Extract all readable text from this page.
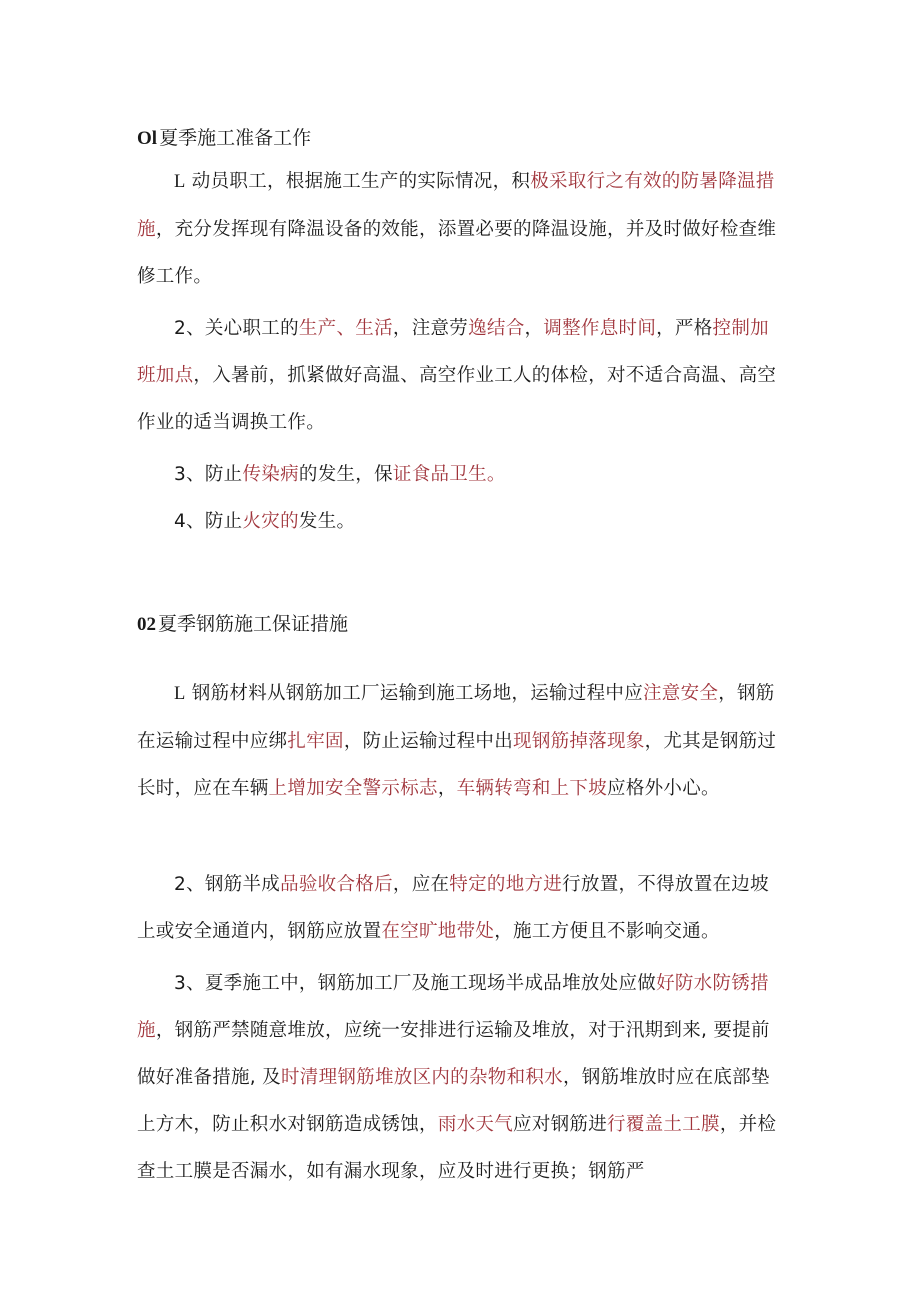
Ol 夏季施工准备工作

L 动员职工，根据施工生产的实际情况，积极采取行之有效的防暑降温措施，充分发挥现有降温设备的效能，添置必要的降温设施，并及时做好检查维修工作。

2、关心职工的生产、生活，注意劳逸结合，调整作息时间，严格控制加班加点，入暑前，抓紧做好高温、高空作业工人的体检，对不适合高温、高空作业的适当调换工作。

3、防止传染病的发生，保证食品卫生。

4、防止火灾的发生。

02 夏季钢筋施工保证措施

L 钢筋材料从钢筋加工厂运输到施工场地，运输过程中应注意安全，钢筋在运输过程中应绑扎牢固，防止运输过程中出现钢筋掉落现象，尤其是钢筋过长时，应在车辆上增加安全警示标志，车辆转弯和上下坡应格外小心。

2、钢筋半成品验收合格后，应在特定的地方进行放置，不得放置在边坡上或安全通道内，钢筋应放置在空旷地带处，施工方便且不影响交通。

3、夏季施工中，钢筋加工厂及施工现场半成品堆放处应做好防水防锈措施，钢筋严禁随意堆放，应统一安排进行运输及堆放，对于汛期到来, 要提前做好准备措施, 及时清理钢筋堆放区内的杂物和积水，钢筋堆放时应在底部垫上方木，防止积水对钢筋造成锈蚀，雨水天气应对钢筋进行覆盖土工膜，并检查土工膜是否漏水，如有漏水现象，应及时进行更换；钢筋严
